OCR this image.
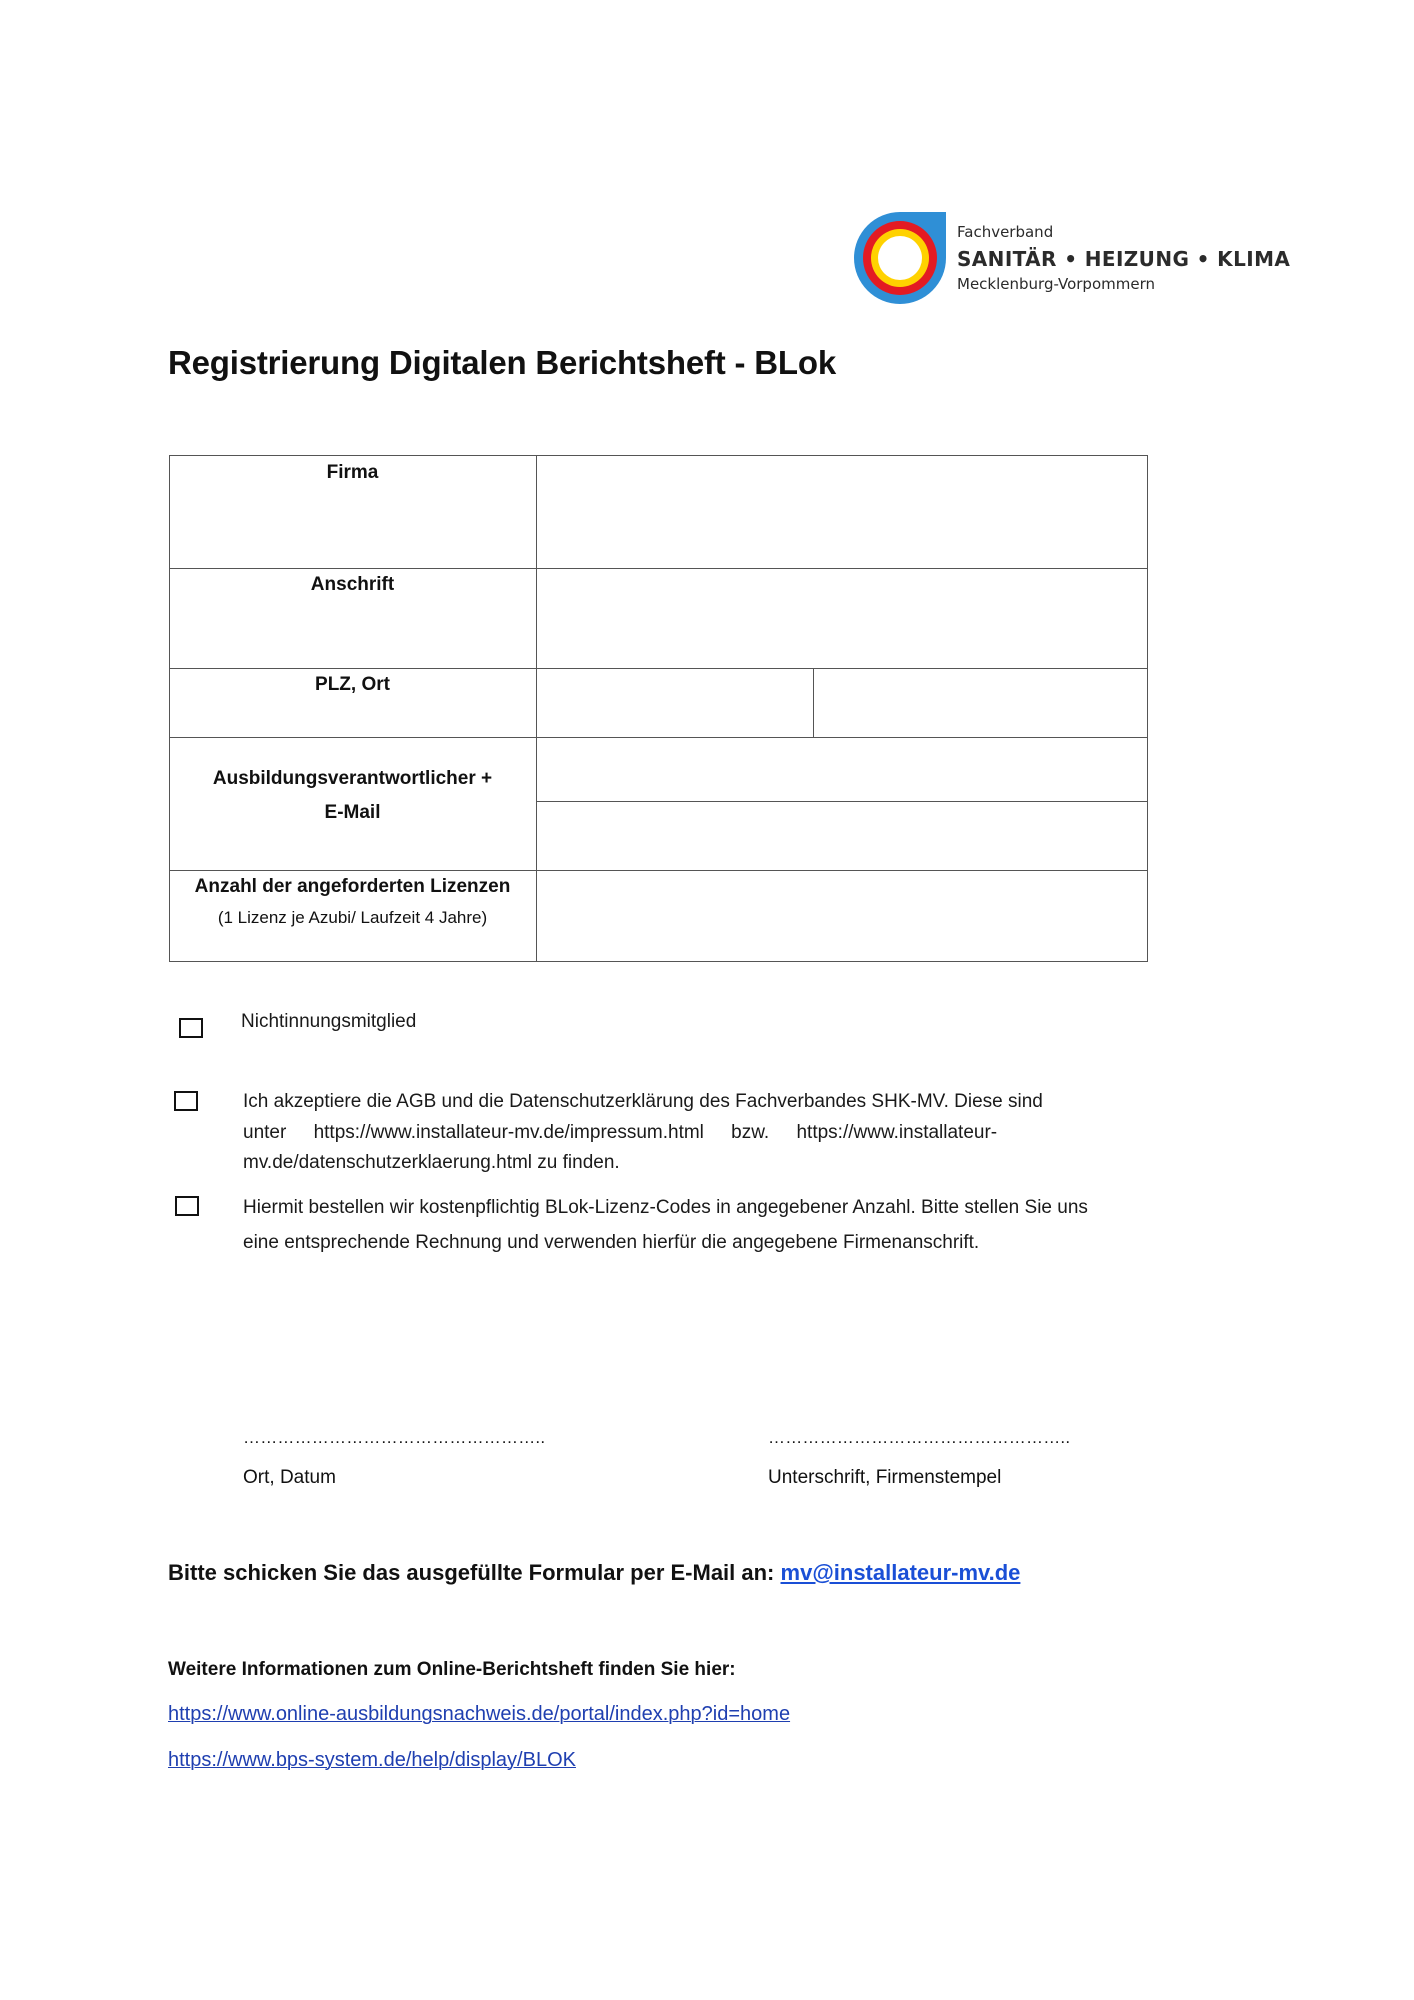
Fachverband
SANITÄR • HEIZUNG • KLIMA
Mecklenburg-Vorpommern
Registrierung Digitalen Berichtsheft - BLok
Firma
Anschrift
PLZ, Ort
Ausbildungsverantwortlicher +
E-Mail
Anzahl der angeforderten Lizenzen
(1 Lizenz je Azubi/ Laufzeit 4 Jahre)
Nichtinnungsmitglied
Ich akzeptiere die AGB und die Datenschutzerklärung des Fachverbandes SHK-MV. Diese sind
unter https://www.installateur-mv.de/impressum.html bzw. https://www.installateur-
mv.de/datenschutzerklaerung.html zu finden.
Hiermit bestellen wir kostenpflichtig BLok-Lizenz-Codes in angegebener Anzahl. Bitte stellen Sie uns
eine entsprechende Rechnung und verwenden hierfür die angegebene Firmenanschrift.
……………………………………………..	……………………………………………..
Ort, Datum	Unterschrift, Firmenstempel
Bitte schicken Sie das ausgefüllte Formular per E-Mail an: mv@installateur-mv.de
Weitere Informationen zum Online-Berichtsheft finden Sie hier:
https://www.online-ausbildungsnachweis.de/portal/index.php?id=home
https://www.bps-system.de/help/display/BLOK
